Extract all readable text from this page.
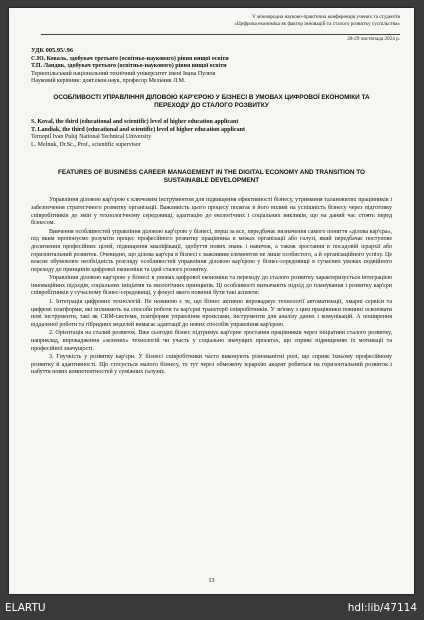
V міжнародна науково-практична конференція учених та студентів
«Цифрова економіка як фактор інновацій та сталого розвитку суспільства»
28-29 листопада 2024 р.
УДК 005.95/.96
С.Ю. Коваль, здобувач третього (освітньо-наукового) рівня вищої освіти
Т.П. Ландяк, здобувач третього (освітньо-наукового) рівня вищої освіти
Тернопільський національний технічний університет імені Івана Пулюя
Науковий керівник: докт.екон.наук, професор Мельник Л.М.
ОСОБЛИВОСТІ УПРАВЛІННЯ ДІЛОВОЮ КАР'ЄРОЮ У БІЗНЕСІ В УМОВАХ ЦИФРОВОЇ ЕКОНОМІКИ ТА ПЕРЕХОДУ ДО СТАЛОГО РОЗВИТКУ
S. Koval, the third (educational and scientific) level of higher education applicant
T. Landiak, the third (educational and scientific) level of higher education applicant
Ternopil Ivan Puluj National Technical University
L. Melnuk, Dr.Sc., Prof., scientific supervisor
FEATURES OF BUSINESS CAREER MANAGEMENT IN THE DIGITAL ECONOMY AND TRANSITION TO SUSTAINABLE DEVELOPMENT

Управління діловою кар'єрою є ключовим інструментом для підвищення ефективності бізнесу, утримання талановитих працівників і забезпечення стратегічного розвитку організації. Важливість цього процесу полягає в його впливі на успішність бізнесу через підготовку співробітників до змін у технологічному середовищі, адаптацію до екологічних і соціальних викликів, що на даний час стоять перед бізнесом.

Вивчення особливостей управління діловою кар'єрою у бізнесі, перш за все, передбачає визначення самого поняття «ділова кар'єра», під яким пропонуємо розуміти процес професійного розвитку працівника в межах організації або галузі, який передбачає поступове досягнення професійних цілей, підвищення кваліфікації, здобуття нових знань і навичок, а також зростання в посадовій ієрархії або горизонтальний розвиток. Очевидно, що ділова кар'єра в бізнесі є важливим елементом не лише особистого, а й організаційного успіху. Це власне обумовлює необхідність розгляду особливостей управління діловою кар'єрою у бізнес-середовищі в сучасних умовах подвійного переходу до принципів цифрової економіки та ідей сталого розвитку.

Управління діловою кар'єрою у бізнесі в умовах цифрової економіки та переходу до сталого розвитку характеризується інтеграцією інноваційних підходів, соціальних ініціатив та екологічних принципів. Ці особливості визначають підхід до планування і розвитку кар'єри співробітників у сучасному бізнес-середовищі, у фокусі якого повинні бути такі аспекти:

1. Інтеграція цифрових технологій. Не новиною є те, що бізнес активно впроваджує технології автоматизації, хмарні сервіси та цифрові платформи, які впливають на способи роботи та кар'єрні траєкторії співробітників. У зв'язку з цим працівники повинні освоювати нові інструменти, такі як CRM-системи, платформи управління проєктами, інструменти для аналізу даних і комунікацій. А поширення віддаленої роботи та гібридних моделей вимагає адаптації до нових способів управління кар'єрою.

2. Орієнтація на сталий розвиток. Вже сьогодні бізнес підтримує кар'єрне зростання працівників через ініціативи сталого розвитку, наприклад, впровадження «зелених» технологій чи участь у соціально значущих проєктах, що сприяє підвищенню їх мотивації та професійної значущості.

3. Гнучкість у розвитку кар'єри. У бізнесі співробітники часто виконують різноманітні ролі, що сприяє їхньому професійному розвитку й адаптивності. Що стосується малого бізнесу, то тут через обмежену ієрархію акцент робиться на горизонтальний розвиток і набуття нових компетентностей у суміжних галузях.

13
ELARTU	hdl:lib/47114
